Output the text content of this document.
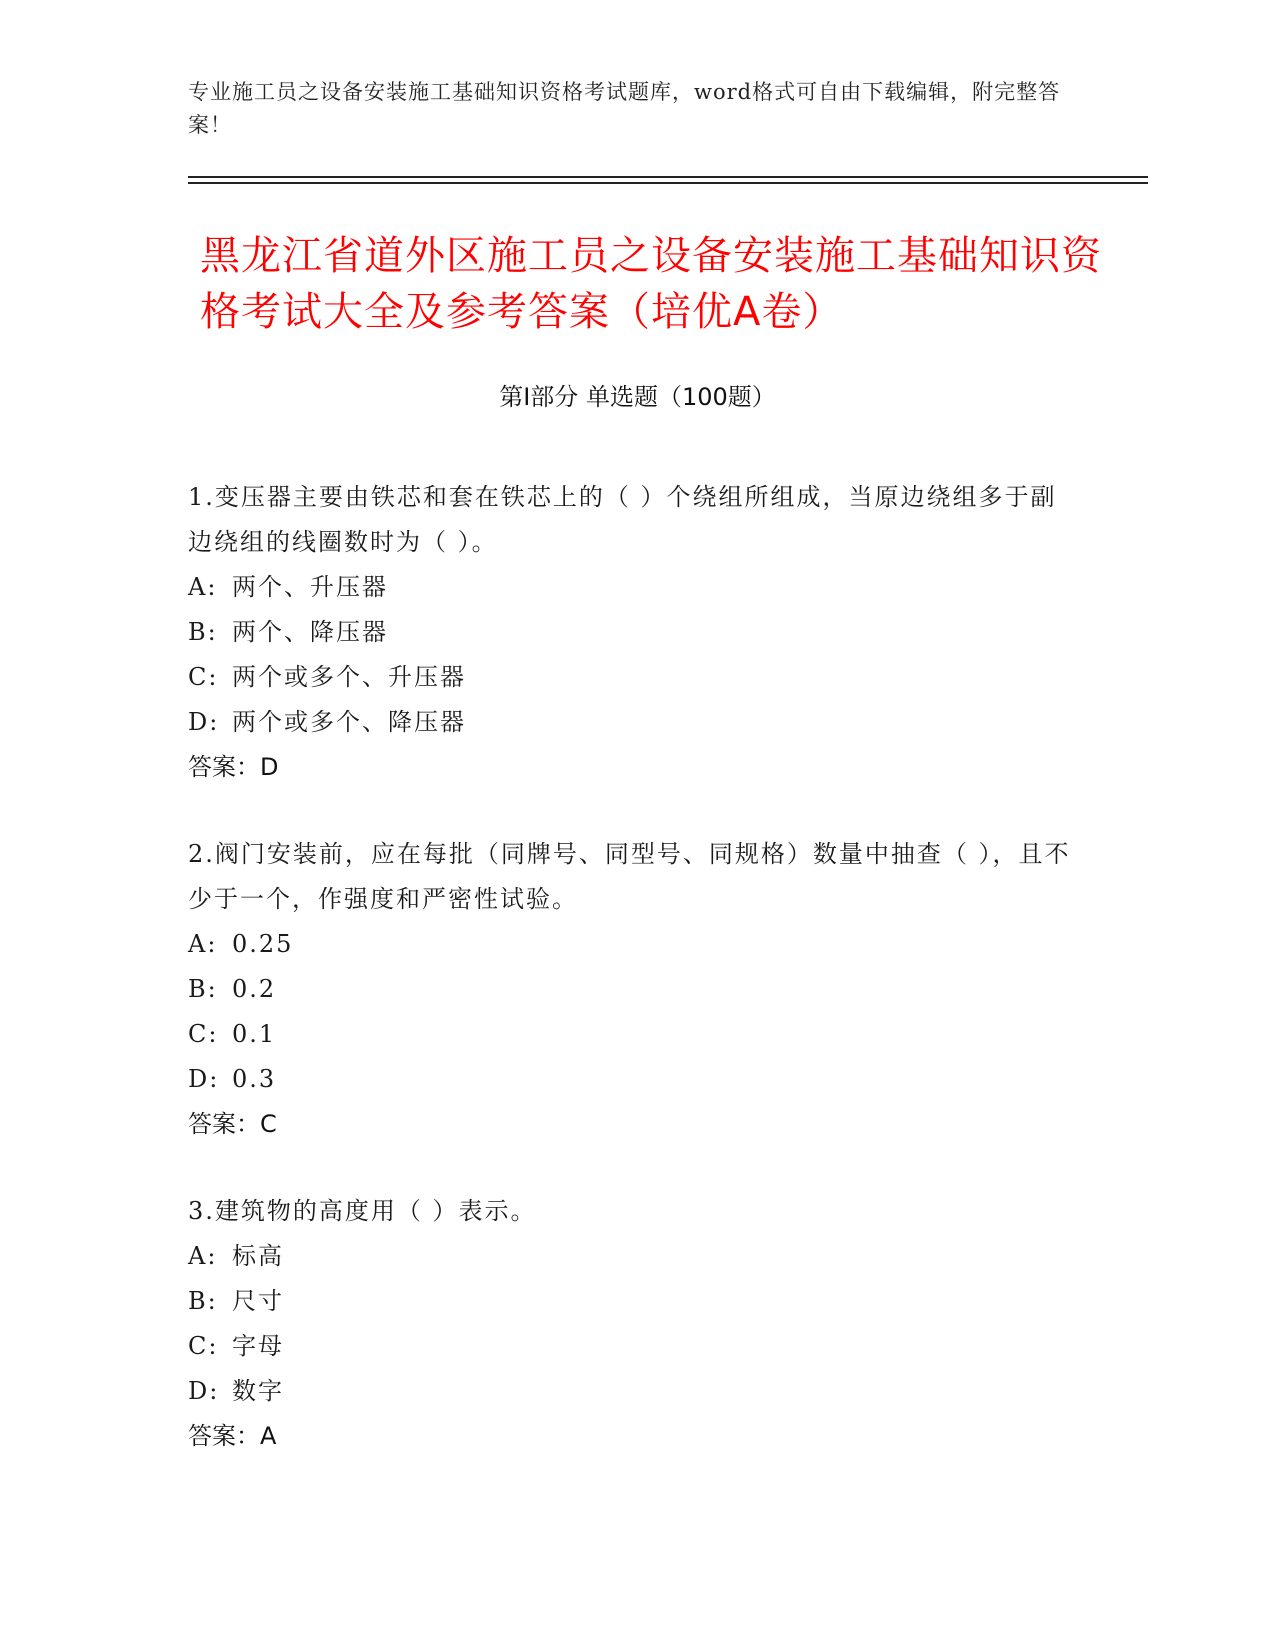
专业施工员之设备安装施工基础知识资格考试题库，word格式可自由下载编辑，附完整答案！
黑龙江省道外区施工员之设备安装施工基础知识资格考试大全及参考答案（培优A卷）
第I部分 单选题（100题）
1.变压器主要由铁芯和套在铁芯上的（ ）个绕组所组成，当原边绕组多于副边绕组的线圈数时为（ ）。
A: 两个、升压器
B: 两个、降压器
C: 两个或多个、升压器
D: 两个或多个、降压器
答案：D
2.阀门安装前，应在每批（同牌号、同型号、同规格）数量中抽查（ ），且不少于一个，作强度和严密性试验。
A: 0.25
B: 0.2
C: 0.1
D: 0.3
答案：C
3.建筑物的高度用（ ）表示。
A: 标高
B: 尺寸
C: 字母
D: 数字
答案：A
